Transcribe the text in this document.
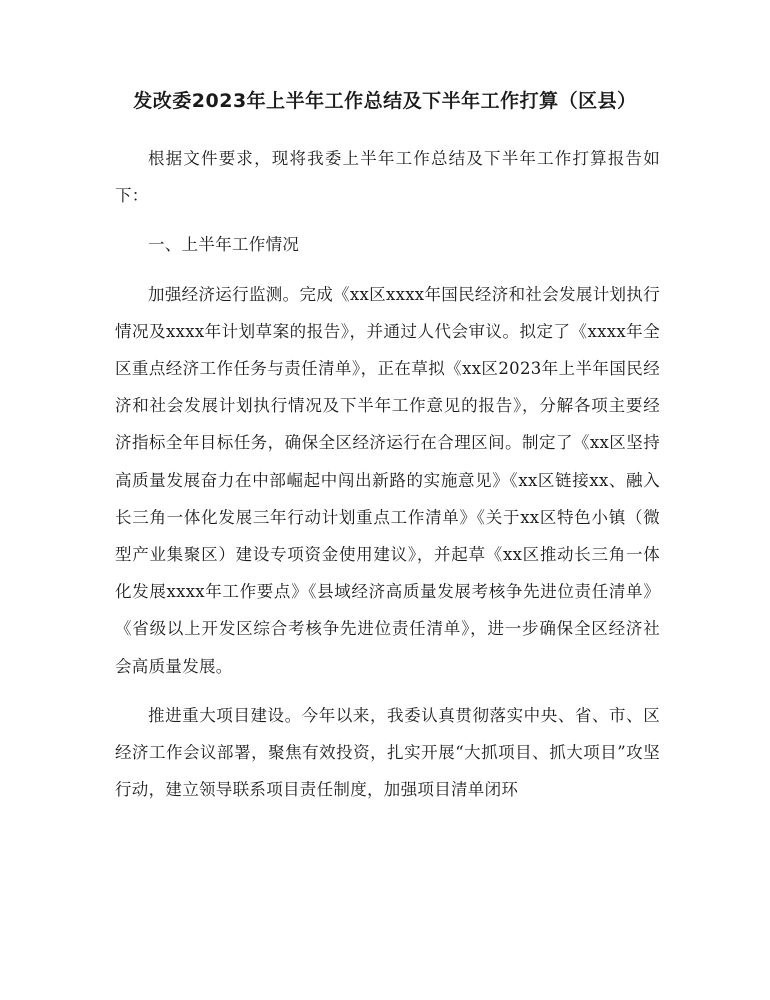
发改委2023年上半年工作总结及下半年工作打算（区县）

根据文件要求，现将我委上半年工作总结及下半年工作打算报告如下：

一、上半年工作情况

加强经济运行监测。完成《xx区xxxx年国民经济和社会发展计划执行情况及xxxx年计划草案的报告》，并通过人代会审议。拟定了《xxxx年全区重点经济工作任务与责任清单》，正在草拟《xx区2023年上半年国民经济和社会发展计划执行情况及下半年工作意见的报告》，分解各项主要经济指标全年目标任务，确保全区经济运行在合理区间。制定了《xx区坚持高质量发展奋力在中部崛起中闯出新路的实施意见》《xx区链接xx、融入长三角一体化发展三年行动计划重点工作清单》《关于xx区特色小镇（微型产业集聚区）建设专项资金使用建议》，并起草《xx区推动长三角一体化发展xxxx年工作要点》《县域经济高质量发展考核争先进位责任清单》《省级以上开发区综合考核争先进位责任清单》，进一步确保全区经济社会高质量发展。

推进重大项目建设。今年以来，我委认真贯彻落实中央、省、市、区经济工作会议部署，聚焦有效投资，扎实开展“大抓项目、抓大项目”攻坚行动，建立领导联系项目责任制度，加强项目清单闭环
